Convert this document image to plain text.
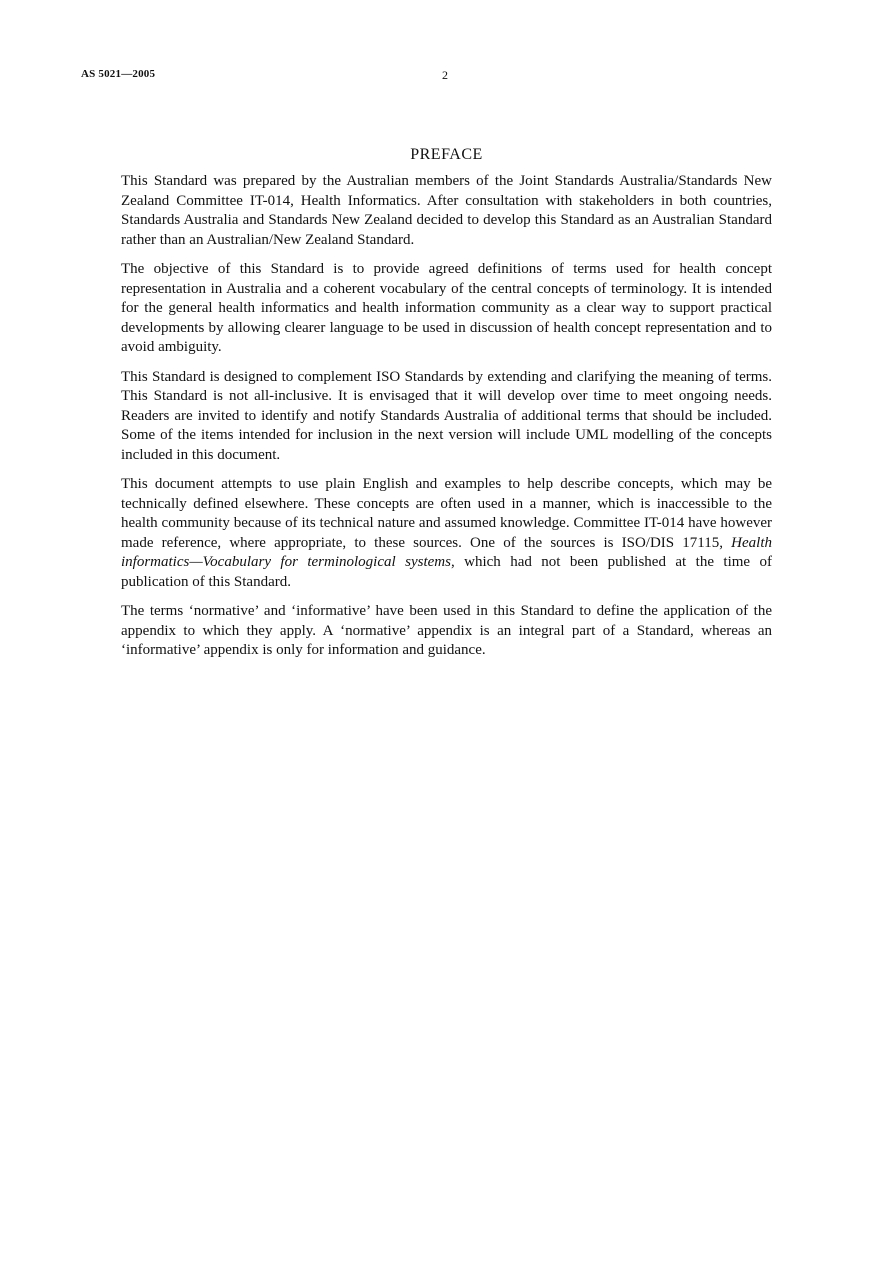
AS 5021—2005	2
PREFACE

This Standard was prepared by the Australian members of the Joint Standards Australia/Standards New Zealand Committee IT-014, Health Informatics. After consultation with stakeholders in both countries, Standards Australia and Standards New Zealand decided to develop this Standard as an Australian Standard rather than an Australian/New Zealand Standard.

The objective of this Standard is to provide agreed definitions of terms used for health concept representation in Australia and a coherent vocabulary of the central concepts of terminology. It is intended for the general health informatics and health information community as a clear way to support practical developments by allowing clearer language to be used in discussion of health concept representation and to avoid ambiguity.

This Standard is designed to complement ISO Standards by extending and clarifying the meaning of terms. This Standard is not all-inclusive. It is envisaged that it will develop over time to meet ongoing needs. Readers are invited to identify and notify Standards Australia of additional terms that should be included. Some of the items intended for inclusion in the next version will include UML modelling of the concepts included in this document.

This document attempts to use plain English and examples to help describe concepts, which may be technically defined elsewhere. These concepts are often used in a manner, which is inaccessible to the health community because of its technical nature and assumed knowledge. Committee IT-014 have however made reference, where appropriate, to these sources. One of the sources is ISO/DIS 17115, Health informatics—Vocabulary for terminological systems, which had not been published at the time of publication of this Standard.

The terms ‘normative’ and ‘informative’ have been used in this Standard to define the application of the appendix to which they apply. A ‘normative’ appendix is an integral part of a Standard, whereas an ‘informative’ appendix is only for information and guidance.
